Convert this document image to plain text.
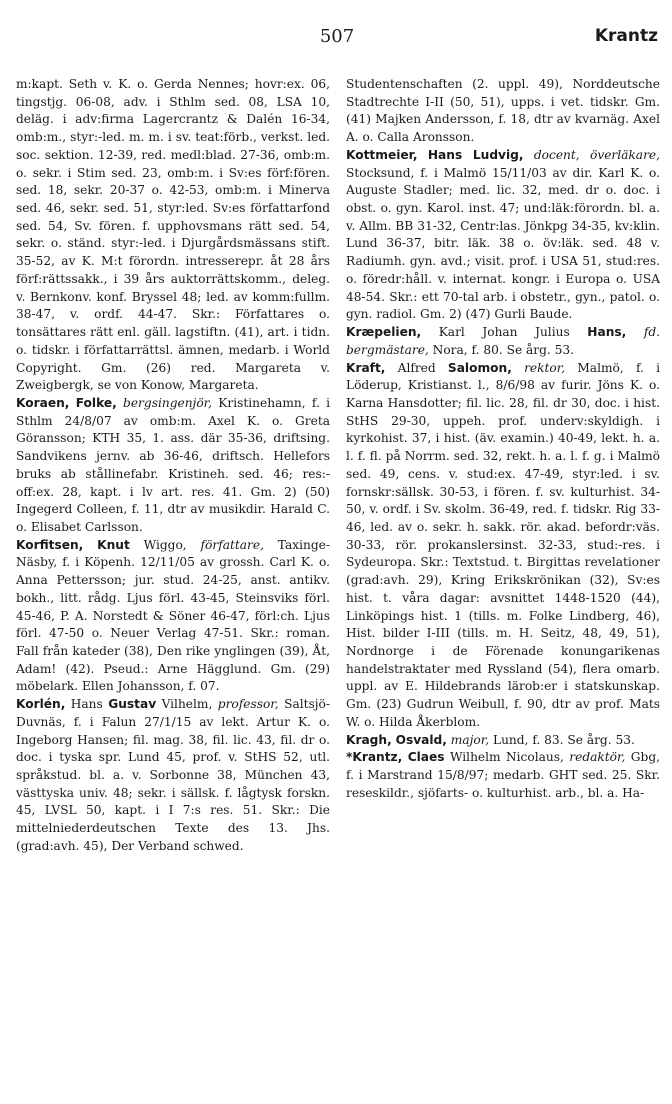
507	Krantz

m:kapt. Seth v. K. o. Gerda Nennes; hovr:ex. 06, tingstjg. 06-08, adv. i Sthlm sed. 08, LSA 10, deläg. i adv:firma Lagercrantz & Dalén 16-34, omb:m., styr:-led. m. m. i sv. teat:förb., verkst. led. soc. sektion. 12-39, red. medl:blad. 27-36, omb:m. o. sekr. i Stim sed. 23, omb:m. i Sv:es förf:fören. sed. 18, sekr. 20-37 o. 42-53, omb:m. i Minerva sed. 46, sekr. sed. 51, styr:led. Sv:es författarfond sed. 54, Sv. fören. f. upphovsmans rätt sed. 54, sekr. o. ständ. styr:-led. i Djurgårdsmässans stift. 35-52, av K. M:t förordn. intresserepr. åt 28 års förf:rättssakk., i 39 års auktorrättskomm., deleg. v. Bernkonv. konf. Bryssel 48; led. av komm:fullm. 38-47, v. ordf. 44-47. Skr.: Författares o. tonsättares rätt enl. gäll. lagstiftn. (41), art. i tidn. o. tidskr. i författarrättsl. ämnen, medarb. i World Copyright. Gm. (26) red. Margareta v. Zweigbergk, se von Konow, Margareta.

Koraen, Folke, bergsingenjör, Kristinehamn, f. i Sthlm 24/8/07 av omb:m. Axel K. o. Greta Göransson; KTH 35, 1. ass. där 35-36, driftsing. Sandvikens jernv. ab 36-46, driftsch. Hellefors bruks ab stållinefabr. Kristineh. sed. 46; res:-off:ex. 28, kapt. i lv art. res. 41. Gm. 2) (50) Ingegerd Colleen, f. 11, dtr av musikdir. Harald C. o. Elisabet Carlsson.

Korfitsen, Knut Wiggo, författare, Taxinge-Näsby, f. i Köpenh. 12/11/05 av grossh. Carl K. o. Anna Pettersson; jur. stud. 24-25, anst. antikv. bokh., litt. rådg. Ljus förl. 43-45, Steinsviks förl. 45-46, P. A. Norstedt & Söner 46-47, förl:ch. Ljus förl. 47-50 o. Neuer Verlag 47-51. Skr.: roman. Fall från kateder (38), Den rike ynglingen (39), Åt, Adam! (42). Pseud.: Arne Hägglund. Gm. (29) möbelark. Ellen Johansson, f. 07.

Korlén, Hans Gustav Vilhelm, professor, Saltsjö-Duvnäs, f. i Falun 27/1/15 av lekt. Artur K. o. Ingeborg Hansen; fil. mag. 38, fil. lic. 43, fil. dr o. doc. i tyska spr. Lund 45, prof. v. StHS 52, utl. språkstud. bl. a. v. Sorbonne 38, München 43, västtyska univ. 48; sekr. i sällsk. f. lågtysk forskn. 45, LVSL 50, kapt. i I 7:s res. 51. Skr.: Die mittelniederdeutschen Texte des 13. Jhs. (grad:avh. 45), Der Verband schwed.

Studentenschaften (2. uppl. 49), Norddeutsche Stadtrechte I-II (50, 51), upps. i vet. tidskr. Gm. (41) Majken Andersson, f. 18, dtr av kvarnäg. Axel A. o. Calla Aronsson.

Kottmeier, Hans Ludvig, docent, överläkare, Stocksund, f. i Malmö 15/11/03 av dir. Karl K. o. Auguste Stadler; med. lic. 32, med. dr o. doc. i obst. o. gyn. Karol. inst. 47; und:läk:förordn. bl. a. v. Allm. BB 31-32, Centr:las. Jönkpg 34-35, kv:klin. Lund 36-37, bitr. läk. 38 o. öv:läk. sed. 48 v. Radiumh. gyn. avd.; visit. prof. i USA 51, stud:res. o. föredr:håll. v. internat. kongr. i Europa o. USA 48-54. Skr.: ett 70-tal arb. i obstetr., gyn., patol. o. gyn. radiol. Gm. 2) (47) Gurli Baude.

Kræpelien, Karl Johan Julius Hans, fd. bergmästare, Nora, f. 80. Se årg. 53.

Kraft, Alfred Salomon, rektor, Malmö, f. i Löderup, Kristianst. l., 8/6/98 av furir. Jöns K. o. Karna Hansdotter; fil. lic. 28, fil. dr 30, doc. i hist. StHS 29-30, uppeh. prof. underv:skyldigh. i kyrkohist. 37, i hist. (äv. examin.) 40-49, lekt. h. a. l. f. fl. på Norrm. sed. 32, rekt. h. a. l. f. g. i Malmö sed. 49, cens. v. stud:ex. 47-49, styr:led. i sv. fornskr:sällsk. 30-53, i fören. f. sv. kulturhist. 34-50, v. ordf. i Sv. skolm. 36-49, red. f. tidskr. Rig 33-46, led. av o. sekr. h. sakk. rör. akad. befordr:väs. 30-33, rör. prokanslersinst. 32-33, stud:-res. i Sydeuropa. Skr.: Textstud. t. Birgittas revelationer (grad:avh. 29), Kring Erikskrönikan (32), Sv:es hist. t. våra dagar: avsnittet 1448-1520 (44), Linköpings hist. 1 (tills. m. Folke Lindberg, 46), Hist. bilder I-III (tills. m. H. Seitz, 48, 49, 51), Nordnorge i de Förenade konungarikenas handelstraktater med Ryssland (54), flera omarb. uppl. av E. Hildebrands lärob:er i statskunskap. Gm. (23) Gudrun Weibull, f. 90, dtr av prof. Mats W. o. Hilda Åkerblom.

Kragh, Osvald, major, Lund, f. 83. Se årg. 53.

*Krantz, Claes Wilhelm Nicolaus, redaktör, Gbg, f. i Marstrand 15/8/97; medarb. GHT sed. 25. Skr. reseskildr., sjöfarts- o. kulturhist. arb., bl. a. Ha-
